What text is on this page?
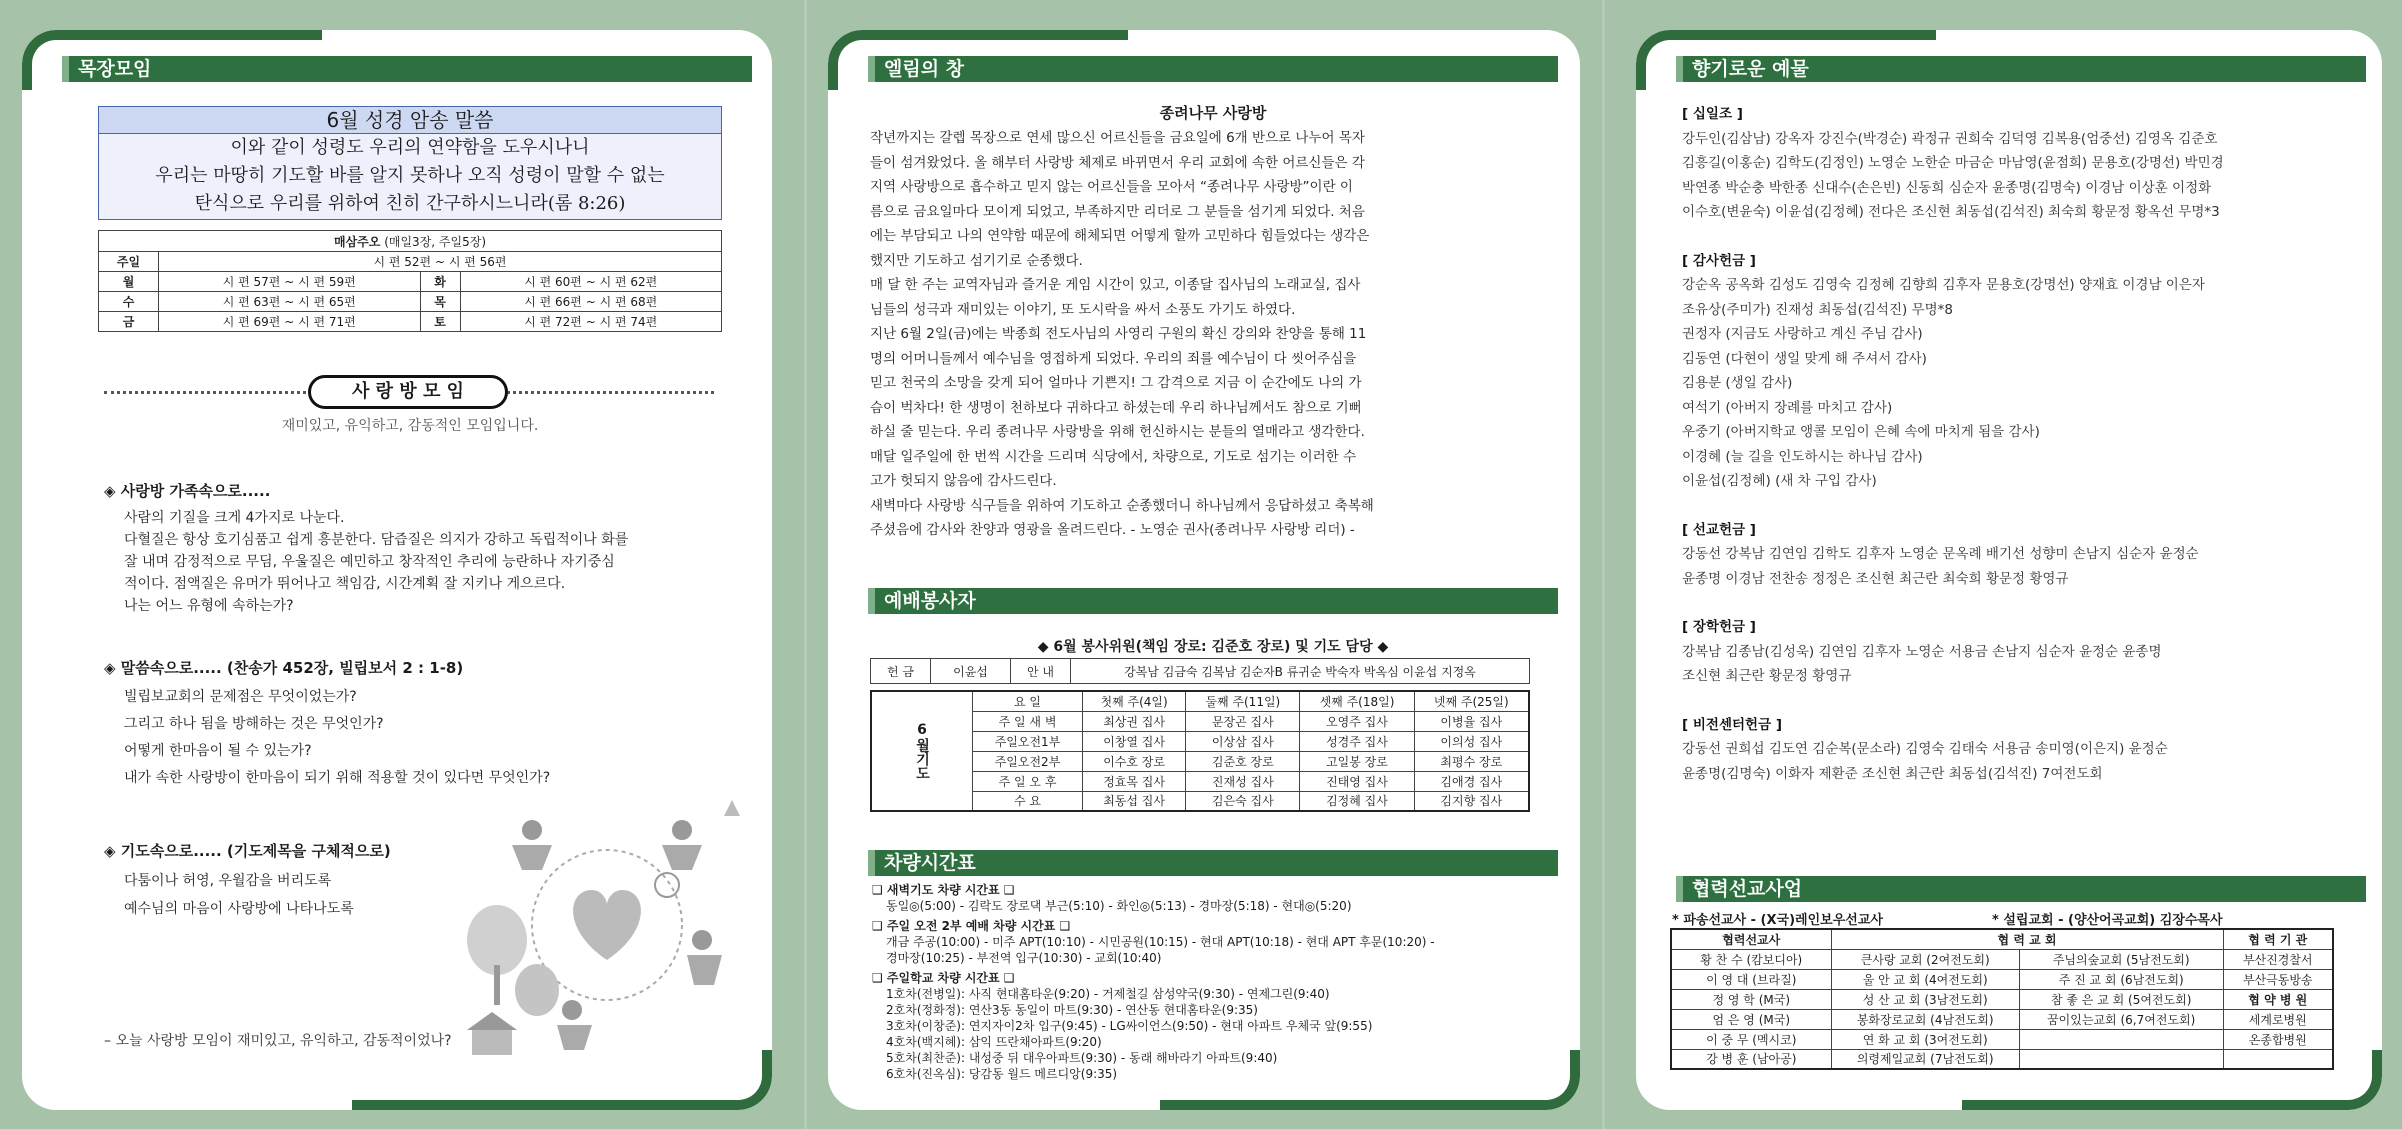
목장모임
6월 성경 암송 말씀
이와 같이 성령도 우리의 연약함을 도우시나니
우리는 마땅히 기도할 바를 알지 못하나 오직 성령이 말할 수 없는
탄식으로 우리를 위하여 친히 간구하시느니라(롬 8:26)
매삼주오 (매일3장, 주일5장)			
주일	시 편 52편 ~ 시 편 56편		
월	시 편 57편 ~ 시 편 59편	화	시 편 60편 ~ 시 편 62편
수	시 편 63편 ~ 시 편 65편	목	시 편 66편 ~ 시 편 68편
금	시 편 69편 ~ 시 편 71편	토	시 편 72편 ~ 시 편 74편
사 랑 방 모 임
재미있고, 유익하고, 감동적인 모임입니다.
◈ 사랑방 가족속으로.....
사람의 기질을 크게 4가지로 나눈다.
다혈질은 항상 호기심품고 쉽게 흥분한다. 담즙질은 의지가 강하고 독립적이나 화를
잘 내며 감정적으로 무딤, 우울질은 예민하고 창작적인 추리에 능란하나 자기중심
적이다. 점액질은 유머가 뛰어나고 책임감, 시간계획 잘 지키나 게으르다.
나는 어느 유형에 속하는가?
◈ 말씀속으로..... (찬송가 452장, 빌립보서 2 : 1-8)
빌립보교회의 문제점은 무엇이었는가?
그리고 하나 됨을 방해하는 것은 무엇인가?
어떻게 한마음이 될 수 있는가?
내가 속한 사랑방이 한마음이 되기 위해 적용할 것이 있다면 무엇인가?
◈ 기도속으로..... (기도제목을 구체적으로)
다툼이나 허영, 우월감을 버리도록
예수님의 마음이 사랑방에 나타나도록
– 오늘 사랑방 모임이 재미있고, 유익하고, 감동적이었나?
엘림의 창
종려나무 사랑방
작년까지는 갈렙 목장으로 연세 많으신 어르신들을 금요일에 6개 반으로 나누어 목자
들이 섬겨왔었다. 올 해부터 사랑방 체제로 바뀌면서 우리 교회에 속한 어르신들은 각
지역 사랑방으로 흡수하고 믿지 않는 어르신들을 모아서 “종려나무 사랑방”이란 이
름으로 금요일마다 모이게 되었고, 부족하지만 리더로 그 분들을 섬기게 되었다. 처음
에는 부담되고 나의 연약함 때문에 해체되면 어떻게 할까 고민하다 힘들었다는 생각은
했지만 기도하고 섬기기로 순종했다.
매 달 한 주는 교역자님과 즐거운 게임 시간이 있고, 이종달 집사님의 노래교실, 집사
님들의 성극과 재미있는 이야기, 또 도시락을 싸서 소풍도 가기도 하였다.
지난 6월 2일(금)에는 박종희 전도사님의 사영리 구원의 확신 강의와 찬양을 통해 11
명의 어머니들께서 예수님을 영접하게 되었다. 우리의 죄를 예수님이 다 씻어주심을
믿고 천국의 소망을 갖게 되어 얼마나 기쁜지! 그 감격으로 지금 이 순간에도 나의 가
슴이 벅차다! 한 생명이 천하보다 귀하다고 하셨는데 우리 하나님께서도 참으로 기뻐
하실 줄 믿는다. 우리 종려나무 사랑방을 위해 헌신하시는 분들의 열매라고 생각한다.
매달 일주일에 한 번씩 시간을 드리며 식당에서, 차량으로, 기도로 섬기는 이러한 수
고가 헛되지 않음에 감사드린다.
새벽마다 사랑방 식구들을 위하여 기도하고 순종했더니 하나님께서 응답하셨고 축복해
주셨음에 감사와 찬양과 영광을 올려드린다. - 노영순 권사(종려나무 사랑방 리더) -
예배봉사자
◆ 6월 봉사위원(책임 장로: 김준호 장로) 및 기도 담당 ◆
헌 금	이윤섭	안 내	강복남 김금숙 김복남 김순자B 류귀순 박숙자 박옥심 이윤섭 지정옥
6월기도	요 일	첫째 주(4일)	둘째 주(11일)	셋째 주(18일)	넷째 주(25일)
	주 일 새 벽	최상권 집사	문장곤 집사	오영주 집사	이병율 집사
	주일오전1부	이창열 집사	이상삼 집사	성경주 집사	이의성 집사
	주일오전2부	이수호 장로	김준호 장로	고일봉 장로	최평수 장로
	주 일 오 후	정효목 집사	진재성 집사	진태영 집사	김애경 집사
	수 요	최동섭 집사	김은숙 집사	김정혜 집사	김지향 집사
차량시간표
❑ 새벽기도 차량 시간표 ❑
동일◎(5:00) - 김락도 장로댁 부근(5:10) - 화인◎(5:13) - 경마장(5:18) - 현대◎(5:20)
❑ 주일 오전 2부 예배 차량 시간표 ❑
개금 주공(10:00) - 미주 APT(10:10) - 시민공원(10:15) - 현대 APT(10:18) - 현대 APT 후문(10:20) -
경마장(10:25) - 부전역 입구(10:30) - 교회(10:40)
❑ 주일학교 차량 시간표 ❑
1호차(전병일): 사직 현대홈타운(9:20) - 거제철길 삼성약국(9:30) - 연제그린(9:40)
2호차(정화정): 연산3동 동일이 마트(9:30) - 연산동 현대홈타운(9:35)
3호차(이창준): 연지자이2차 입구(9:45) - LG싸이언스(9:50) - 현대 아파트 우체국 앞(9:55)
4호차(백지혜): 삼익 뜨란채아파트(9:20)
5호차(최찬준): 내성중 뒤 대우아파트(9:30) - 동래 해바라기 아파트(9:40)
6호차(진옥심): 당감동 월드 메르디앙(9:35)
향기로운 예물
[ 십일조 ]
강두인(김삼남) 강옥자 강진수(박경순) 곽정규 권희숙 김덕영 김복용(엄중선) 김영옥 김준호
김흥길(이홍순) 김학도(김정인) 노영순 노한순 마금순 마남영(윤점희) 문용호(강명선) 박민경
박연종 박순충 박한종 신대수(손은빈) 신동희 심순자 윤종명(김명숙) 이경남 이상훈 이정화
이수호(변윤숙) 이윤섭(김정혜) 전다은 조신현 최동섭(김석진) 최숙희 황문정 황옥선 무명*3
[ 감사헌금 ]
강순옥 공옥화 김성도 김영숙 김정혜 김향희 김후자 문용호(강명선) 양재효 이경남 이은자
조유상(주미가) 진재성 최동섭(김석진) 무명*8
권정자 (지금도 사랑하고 계신 주님 감사)
김동연 (다현이 생일 맞게 해 주셔서 감사)
김용분 (생일 감사)
여석기 (아버지 장례를 마치고 감사)
우중기 (아버지학교 앵콜 모임이 은혜 속에 마치게 됨을 감사)
이경혜 (늘 길을 인도하시는 하나님 감사)
이윤섭(김정혜) (새 차 구입 감사)
[ 선교헌금 ]
강동선 강복남 김연임 김학도 김후자 노영순 문옥례 배기선 성향미 손남지 심순자 윤정순
윤종명 이경남 전찬송 정정은 조신현 최근란 최숙희 황문정 황영규
[ 장학헌금 ]
강복남 김종남(김성욱) 김연임 김후자 노영순 서용금 손남지 심순자 윤정순 윤종명
조신현 최근란 황문정 황영규
[ 비전센터헌금 ]
강동선 권희섭 김도연 김순복(문소라) 김영숙 김태숙 서용금 송미영(이은지) 윤정순
윤종명(김명숙) 이화자 제환준 조신현 최근란 최동섭(김석진) 7여전도회
협력선교사업
* 파송선교사 - (X국)레인보우선교사	* 설립교회 - (양산어곡교회) 김장수목사
협력선교사	협 력 교 회		협 력 기 관
황 찬 수 (캄보디아)	큰사랑 교회 (2여전도회)	주님의숲교회 (5남전도회)	부산진경찰서
이 영 대 (브라질)	울 안 교 회 (4여전도회)	주 진 교 회 (6남전도회)	부산극동방송
정 영 학 (M국)	성 산 교 회 (3남전도회)	참 좋 은 교 회 (5여전도회)	협 약 병 원
엄 은 영 (M국)	봉화장로교회 (4남전도회)	꿈이있는교회 (6,7여전도회)	세계로병원
이 중 무 (멕시코)	연 화 교 회 (3여전도회)		온종합병원
강 병 훈 (남아공)	의령제일교회 (7남전도회)		
